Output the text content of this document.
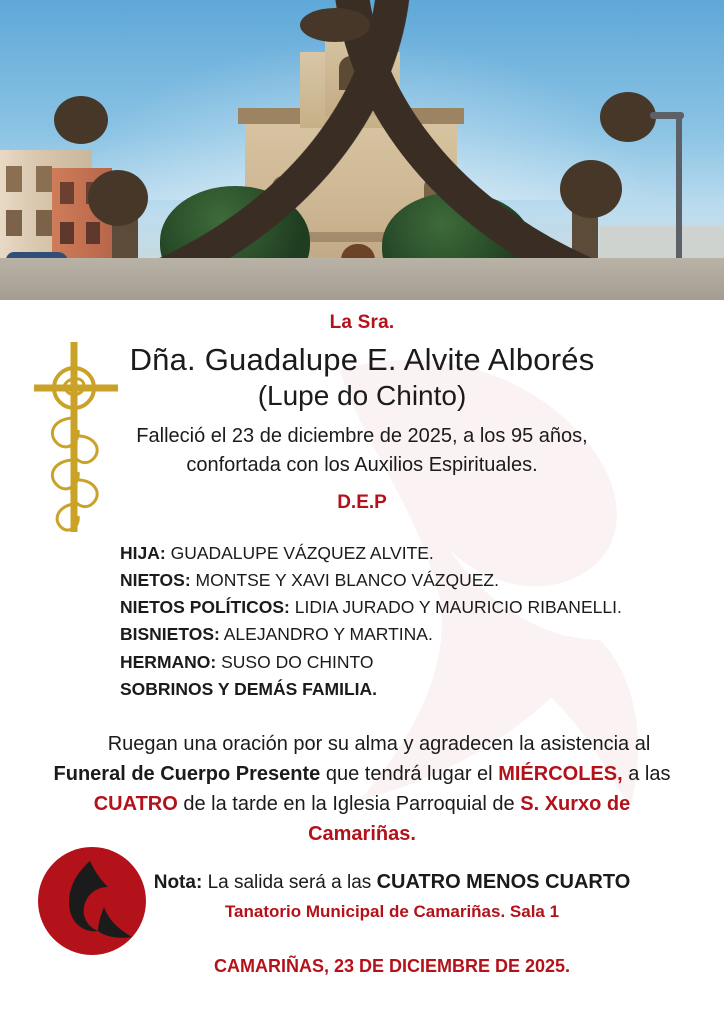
La Sra.
Dña. Guadalupe E. Alvite Alborés
(Lupe do Chinto)
Falleció el 23 de diciembre de 2025, a los 95 años,
confortada con los Auxilios Espirituales.
D.E.P
HIJA: GUADALUPE VÁZQUEZ ALVITE.
NIETOS: MONTSE Y XAVI BLANCO VÁZQUEZ.
NIETOS POLÍTICOS: LIDIA JURADO Y MAURICIO RIBANELLI.
BISNIETOS: ALEJANDRO Y MARTINA.
HERMANO: SUSO DO CHINTO
SOBRINOS Y DEMÁS FAMILIA.
Ruegan una oración por su alma y agradecen la asistencia al Funeral de Cuerpo Presente que tendrá lugar el MIÉRCOLES, a las CUATRO de la tarde en la Iglesia Parroquial de S. Xurxo de Camariñas.
Nota: La salida será a las CUATRO MENOS CUARTO
Tanatorio Municipal de Camariñas. Sala 1
CAMARIÑAS, 23 DE DICIEMBRE DE 2025.
